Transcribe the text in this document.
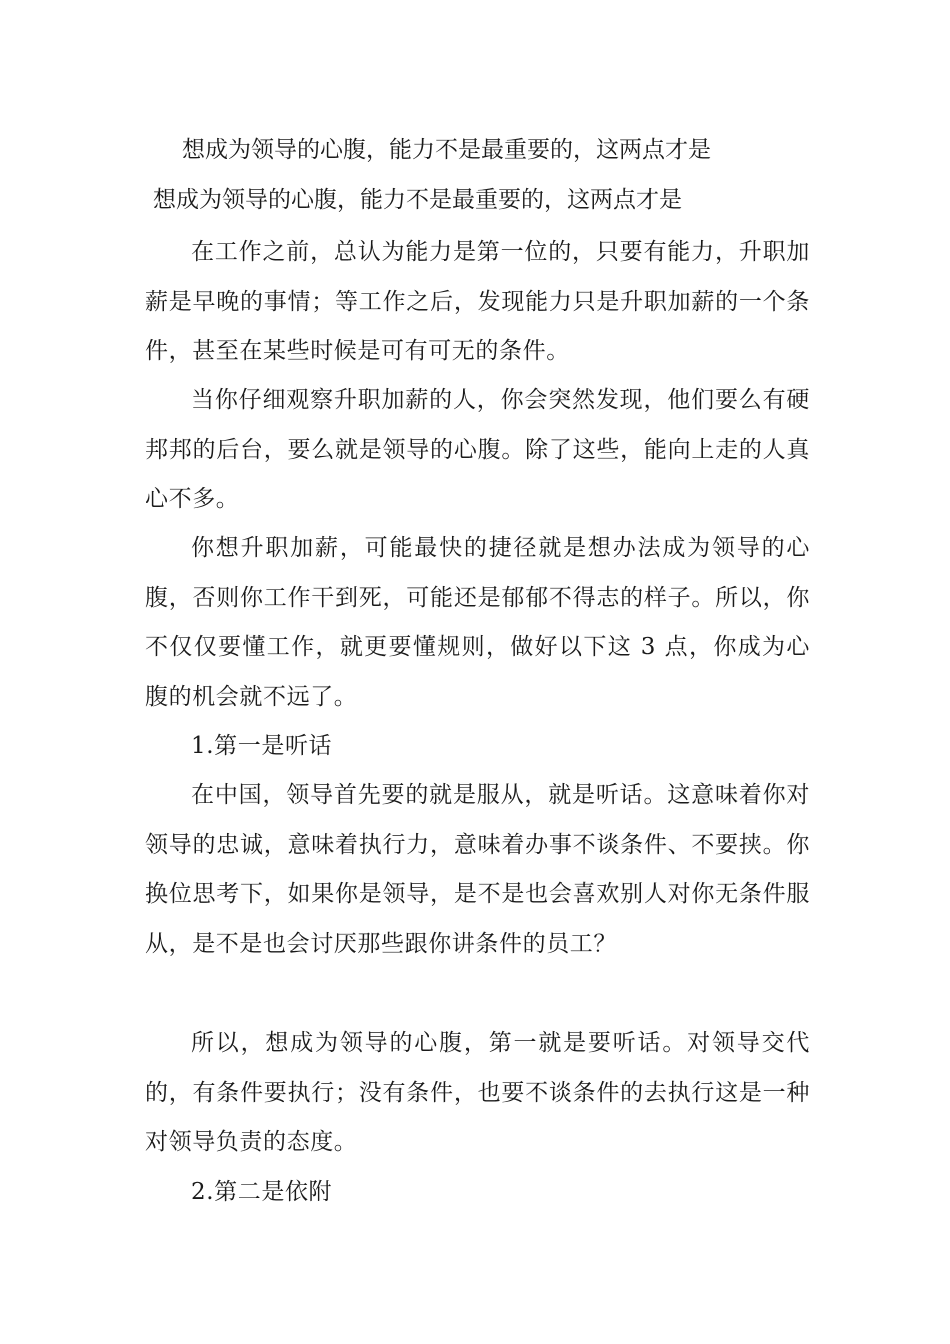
想成为领导的心腹，能力不是最重要的，这两点才是

想成为领导的心腹，能力不是最重要的，这两点才是

在工作之前，总认为能力是第一位的，只要有能力，升职加薪是早晚的事情；等工作之后，发现能力只是升职加薪的一个条件，甚至在某些时候是可有可无的条件。

当你仔细观察升职加薪的人，你会突然发现，他们要么有硬邦邦的后台，要么就是领导的心腹。除了这些，能向上走的人真心不多。

你想升职加薪，可能最快的捷径就是想办法成为领导的心腹，否则你工作干到死，可能还是郁郁不得志的样子。所以，你不仅仅要懂工作，就更要懂规则，做好以下这 3 点，你成为心腹的机会就不远了。

1.第一是听话

在中国，领导首先要的就是服从，就是听话。这意味着你对领导的忠诚，意味着执行力，意味着办事不谈条件、不要挟。你换位思考下，如果你是领导，是不是也会喜欢别人对你无条件服从，是不是也会讨厌那些跟你讲条件的员工？

所以，想成为领导的心腹，第一就是要听话。对领导交代的，有条件要执行；没有条件，也要不谈条件的去执行这是一种对领导负责的态度。

2.第二是依附
